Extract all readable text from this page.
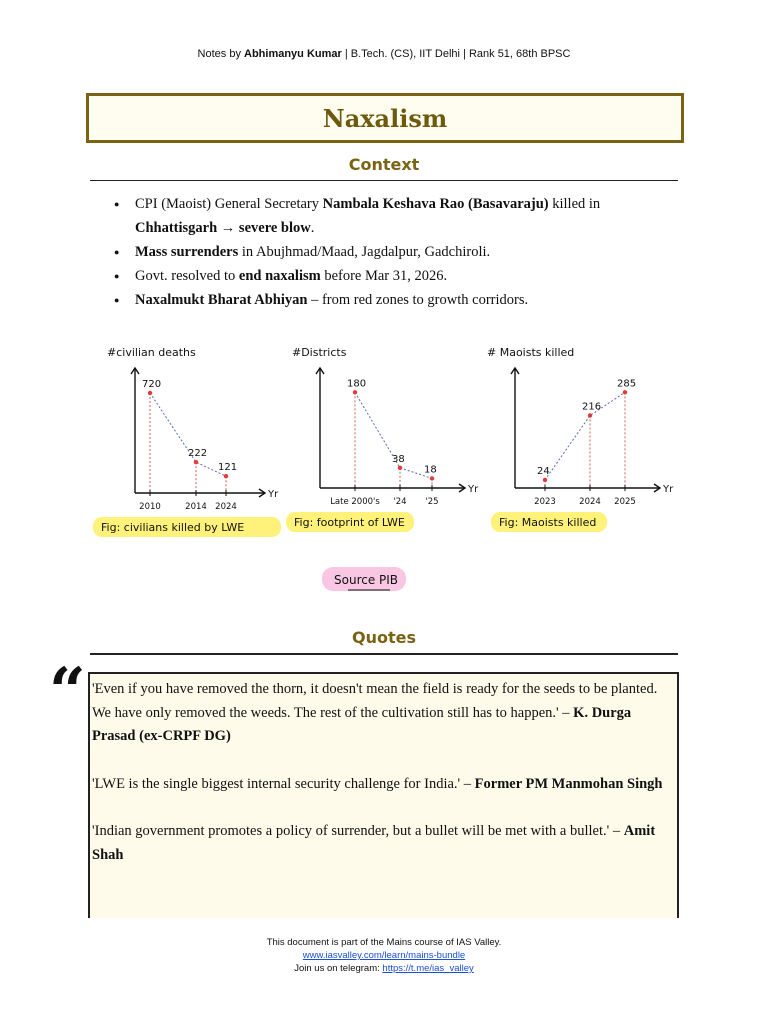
Notes by Abhimanyu Kumar | B.Tech. (CS), IIT Delhi | Rank 51, 68th BPSC
Naxalism
Context
● CPI (Maoist) General Secretary Nambala Keshava Rao (Basavaraju) killed in Chhattisgarh → severe blow.
● Mass surrenders in Abujhmad/Maad, Jagdalpur, Gadchiroli.
● Govt. resolved to end naxalism before Mar 31, 2026.
● Naxalmukt Bharat Abhiyan – from red zones to growth corridors.
#civilian deaths
Yr
720
2010
222
2014
121
2024
Fig: civilians killed by LWE
#Districts
Yr
180
Late 2000's
38
'24
18
'25
Fig: footprint of LWE
# Maoists killed
Yr
24
2023
216
2024
285
2025
Fig: Maoists killed
Source PIB
Quotes
“ 'Even if you have removed the thorn, it doesn't mean the field is ready for the seeds to be planted. We have only removed the weeds. The rest of the cultivation still has to happen.' – K. Durga Prasad (ex-CRPF DG)

'LWE is the single biggest internal security challenge for India.' – Former PM Manmohan Singh

'Indian government promotes a policy of surrender, but a bullet will be met with a bullet.' – Amit Shah

This document is part of the Mains course of IAS Valley.
www.iasvalley.com/learn/mains-bundle
Join us on telegram: https://t.me/ias_valley
